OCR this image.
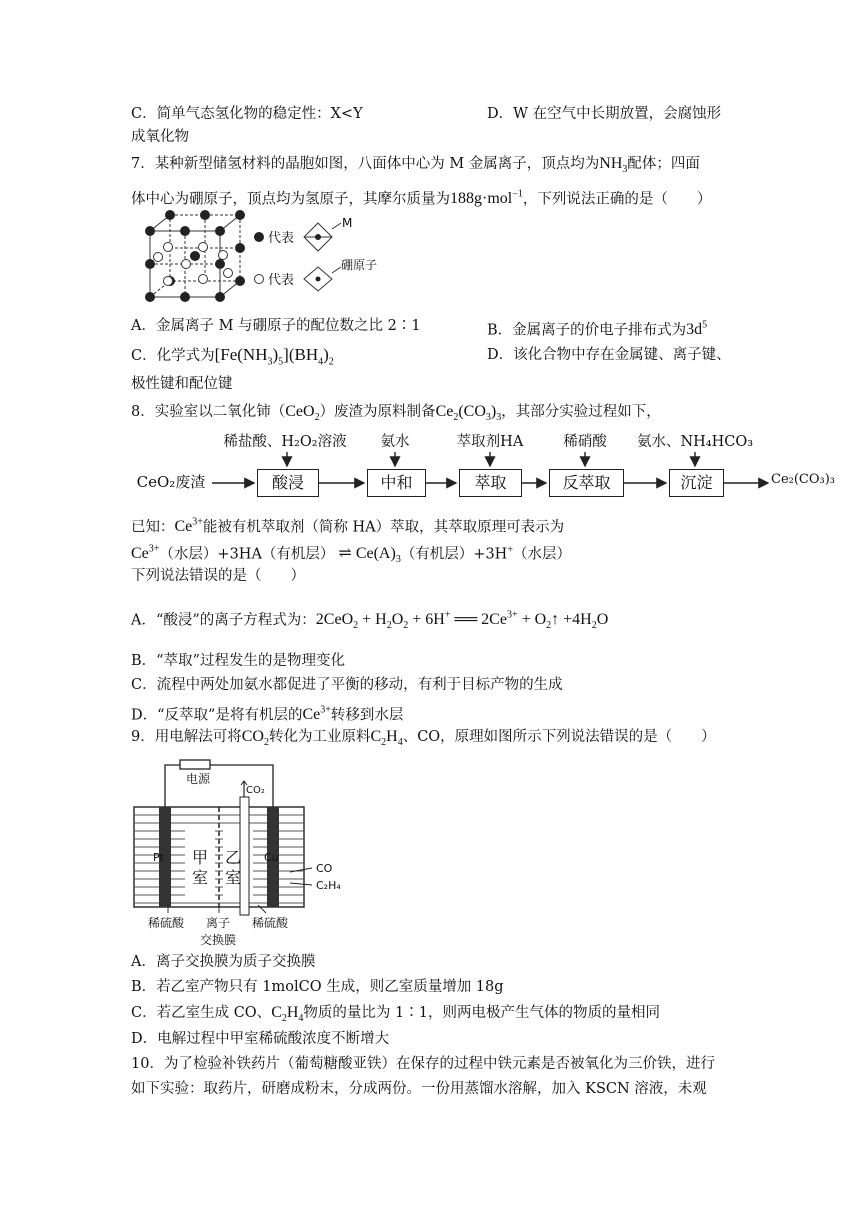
C．简单气态氢化物的稳定性：X<Y	D．W 在空气中长期放置，会腐蚀形
成氧化物
7．某种新型储氢材料的晶胞如图，八面体中心为 M 金属离子，顶点均为$NH_3$配体；四面
体中心为硼原子，顶点均为氢原子，其摩尔质量为188g·mol$^{-1}$，下列说法正确的是（　　）
代表
M
代表
硼原子
A．金属离子 M 与硼原子的配位数之比 2∶1	B．金属离子的价电子排布式为$3d^5$
C．化学式为$[Fe(NH_3)_5](BH_4)_2$	D．该化合物中存在金属键、离子键、
极性键和配位键
8．实验室以二氧化铈（CeO$_2$）废渣为原料制备$Ce_2(CO_3)_3$，其部分实验过程如下，
稀盐酸、H₂O₂溶液	氨水	萃取剂HA	稀硝酸	氨水、NH₄HCO₃
CeO₂废渣	酸浸	中和	萃取	反萃取	沉淀	Ce₂(CO₃)₃
已知：$Ce^{3+}$能被有机萃取剂（简称 HA）萃取，其萃取原理可表示为
$Ce^{3+}$（水层）+3HA（有机层） ⇌ $Ce(A)_3$（有机层）+3H+（水层）
下列说法错误的是（　　）
A．“酸浸”的离子方程式为：$2CeO_2 + H_2O_2 + 6H^+$ ══ $2Ce^{3+}$ + $O_2↑ +4H_2O$
B．“萃取”过程发生的是物理变化
C．流程中两处加氨水都促进了平衡的移动，有利于目标产物的生成
D．“反萃取”是将有机层的$Ce^{3+}$转移到水层
9．用电解法可将$CO_2$转化为工业原料$C_2H_4$、CO，原理如图所示下列说法错误的是（　　）
电源
CO₂
Pt	Cu
甲
室
乙
室	CO
C₂H₄
稀硫酸 离子
交换膜
稀硫酸
A．离子交换膜为质子交换膜
B．若乙室产物只有 1molCO 生成，则乙室质量增加 18g
C．若乙室生成 CO、$C_2H_4$物质的量比为 1∶1，则两电极产生气体的物质的量相同
D．电解过程中甲室稀硫酸浓度不断增大
10．为了检验补铁药片（葡萄糖酸亚铁）在保存的过程中铁元素是否被氧化为三价铁，进行
如下实验：取药片，研磨成粉末，分成两份。一份用蒸馏水溶解，加入 KSCN 溶液，未观
